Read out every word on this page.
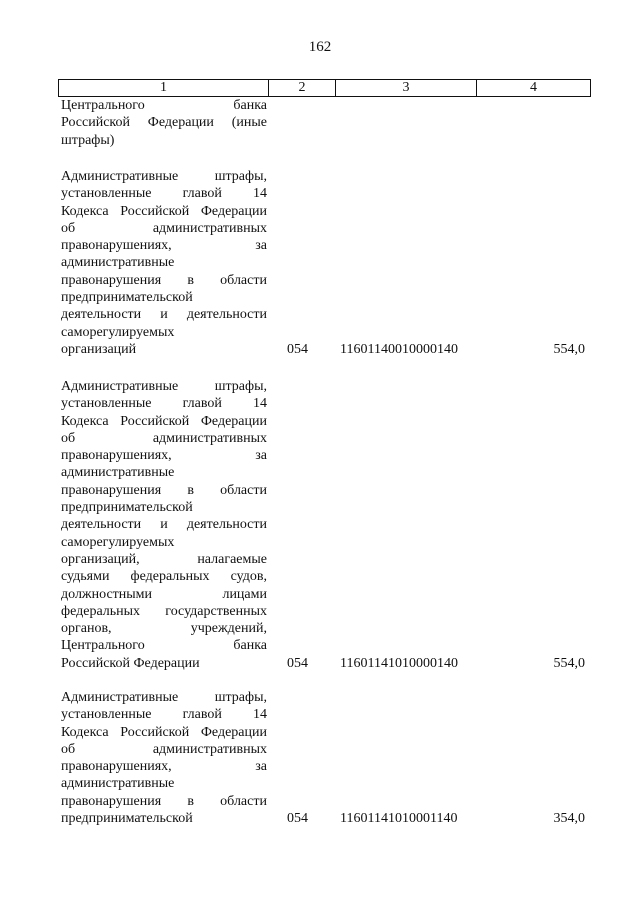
162
1	2	3	4
Центрального	банка
Российской Федерации (иные
штрафы)
Административные	штрафы,
установленные главой 14
Кодекса Российской Федерации
об	административных
правонарушениях,	за
административные
правонарушения в области
предпринимательской
деятельности и деятельности
саморегулируемых
организаций	054	11601140010000140	554,0
Административные	штрафы,
установленные главой 14
Кодекса Российской Федерации
об	административных
правонарушениях,	за
административные
правонарушения в области
предпринимательской
деятельности и деятельности
саморегулируемых
организаций,	налагаемые
судьями федеральных судов,
должностными	лицами
федеральных государственных
органов,	учреждений,
Центрального	банка
Российской Федерации	054	11601141010000140	554,0
Административные	штрафы,
установленные главой 14
Кодекса Российской Федерации
об	административных
правонарушениях,	за
административные
правонарушения в области
предпринимательской	054	11601141010001140	354,0
